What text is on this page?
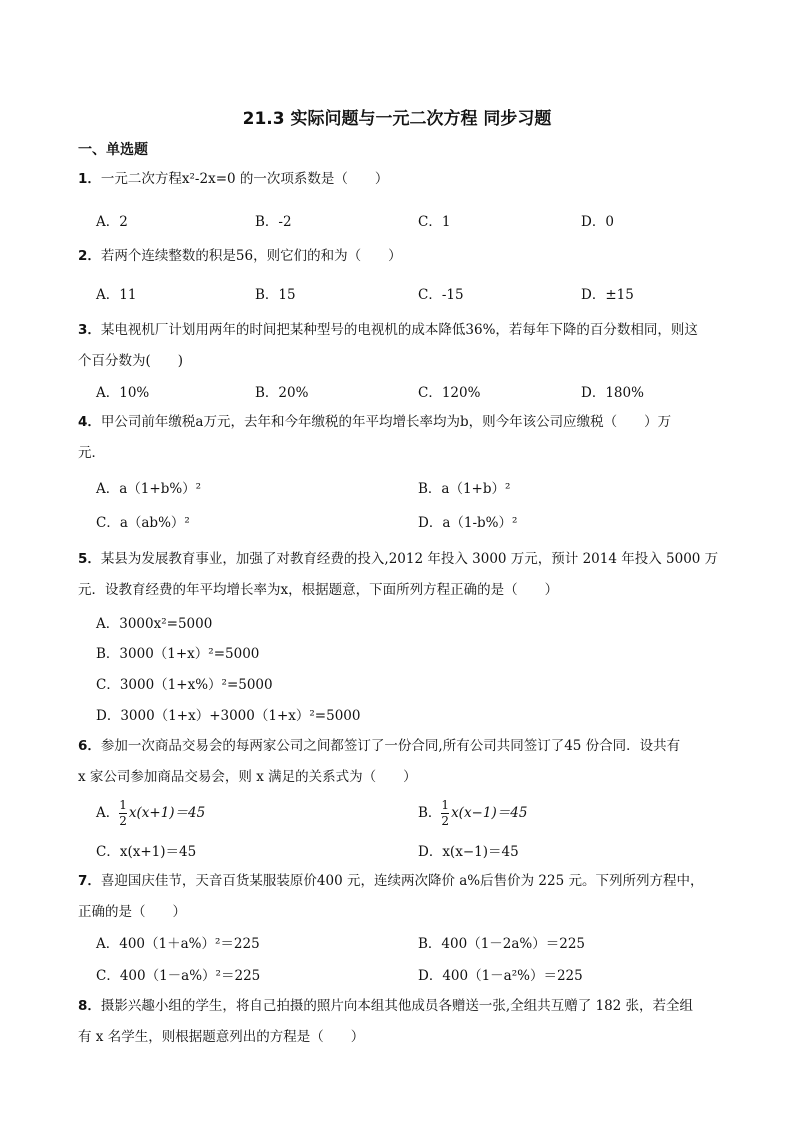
21.3 实际问题与一元二次方程 同步习题
一、单选题
1．一元二次方程x²-2x=0 的一次项系数是（　　）
A．2	B．-2	C．1	D．0
2．若两个连续整数的积是56，则它们的和为（　　）
A．11	B．15	C．-15	D．±15
3．某电视机厂计划用两年的时间把某种型号的电视机的成本降低36%，若每年下降的百分数相同，则这
个百分数为(　　)
A．10%	B．20%	C．120%	D．180%
4．甲公司前年缴税a万元，去年和今年缴税的年平均增长率均为b，则今年该公司应缴税（　　）万
元．
A．a（1+b%）²	B．a（1+b）²
C．a（ab%）²	D．a（1-b%）²
5．某县为发展教育事业，加强了对教育经费的投入,2012 年投入 3000 万元，预计 2014 年投入 5000 万
元．设教育经费的年平均增长率为x，根据题意，下面所列方程正确的是（　　）
A．3000x²=5000
B．3000（1+x）²=5000
C．3000（1+x%）²=5000
D．3000（1+x）+3000（1+x）²=5000
6．参加一次商品交易会的每两家公司之间都签订了一份合同,所有公司共同签订了45 份合同．设共有
x 家公司参加商品交易会，则 x 满足的关系式为（　　）
A． $\frac{1}{2} x(x+1)=45$	B． $\frac{1}{2} x(x-1)=45$
C．x(x+1)＝45	D．x(x−1)＝45
7．喜迎国庆佳节，天音百货某服装原价400 元，连续两次降价 a%后售价为 225 元。下列所列方程中，
正确的是（　　）
A．400（1＋a%）²＝225	B．400（1－2a%）＝225
C．400（1－a%）²＝225	D．400（1－a²%）＝225
8．摄影兴趣小组的学生，将自己拍摄的照片向本组其他成员各赠送一张,全组共互赠了 182 张，若全组
有 x 名学生，则根据题意列出的方程是（　　）
